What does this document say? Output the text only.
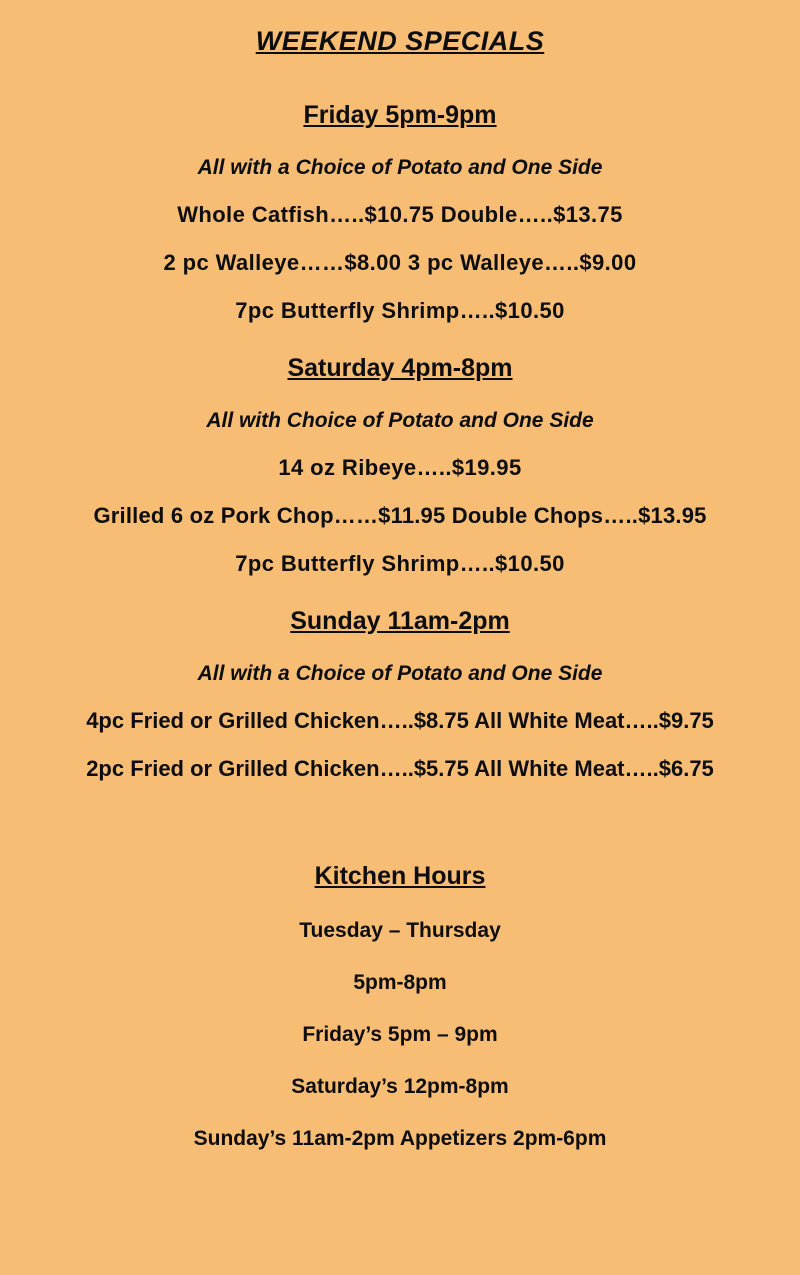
WEEKEND SPECIALS
Friday 5pm-9pm
All with a Choice of Potato and One Side
Whole Catfish…..$10.75 Double…..$13.75
2 pc Walleye……$8.00 3 pc Walleye…..$9.00
7pc Butterfly Shrimp…..$10.50
Saturday 4pm-8pm
All with Choice of Potato and One Side
14 oz Ribeye…..$19.95
Grilled 6 oz Pork Chop……$11.95 Double Chops…..$13.95
7pc Butterfly Shrimp…..$10.50
Sunday 11am-2pm
All with a Choice of Potato and One Side
4pc Fried or Grilled Chicken…..$8.75 All White Meat…..$9.75
2pc Fried or Grilled Chicken…..$5.75 All White Meat…..$6.75
Kitchen Hours
Tuesday – Thursday
5pm-8pm
Friday’s 5pm – 9pm
Saturday’s 12pm-8pm
Sunday’s 11am-2pm Appetizers 2pm-6pm
